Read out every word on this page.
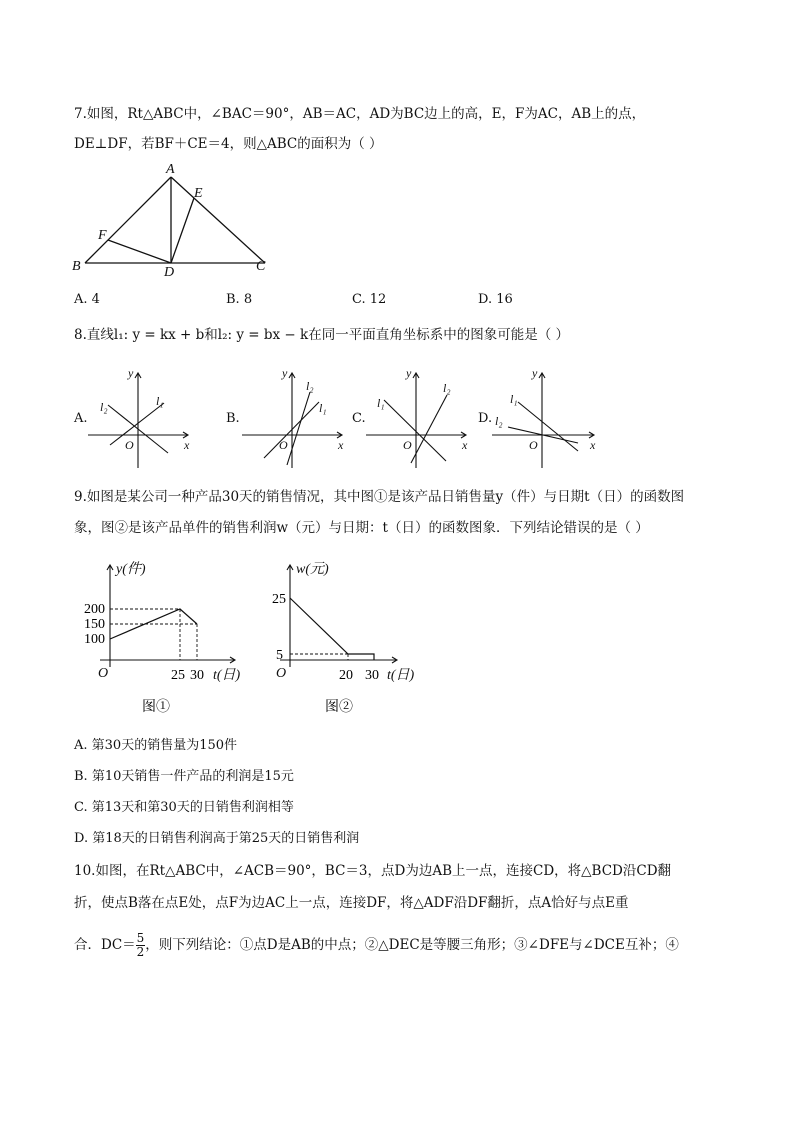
7.如图，Rt△ABC中，∠BAC＝90°，AB＝AC，AD为BC边上的高，E，F为AC，AB上的点，
DE⊥DF，若BF＋CE＝4，则△ABC的面积为（ ）
A
B	C
D
E
F
A. 4	B. 8	C. 12	D. 16
8.直线l₁: y = kx + b和l₂: y = bx − k在同一平面直角坐标系中的图象可能是（ ）
A.
y
x
O
l₂	l₁
B.
y
x
O
l₂
l₁
C.
y
x
O
l₁
l₂
D.
y
x
O
l₁
l₂
9.如图是某公司一种产品30天的销售情况，其中图①是该产品日销售量y（件）与日期t（日）的函数图
象，图②是该产品单件的销售利润w（元）与日期：t（日）的函数图象．下列结论错误的是（ ）
y(件)
t(日)
O
200
150
100
25 30
图①
w(元)
t(日)
O
25
5
20 30
图②
A. 第30天的销售量为150件
B. 第10天销售一件产品的利润是15元
C. 第13天和第30天的日销售利润相等
D. 第18天的日销售利润高于第25天的日销售利润
10.如图，在Rt△ABC中，∠ACB＝90°，BC＝3，点D为边AB上一点，连接CD，将△BCD沿CD翻
折，使点B落在点E处，点F为边AC上一点，连接DF，将△ADF沿DF翻折，点A恰好与点E重
合．$DC= \frac{5}{2}$ ，则下列结论：①点D是AB的中点；②△DEC是等腰三角形；③∠DFE与∠DCE互补；④
